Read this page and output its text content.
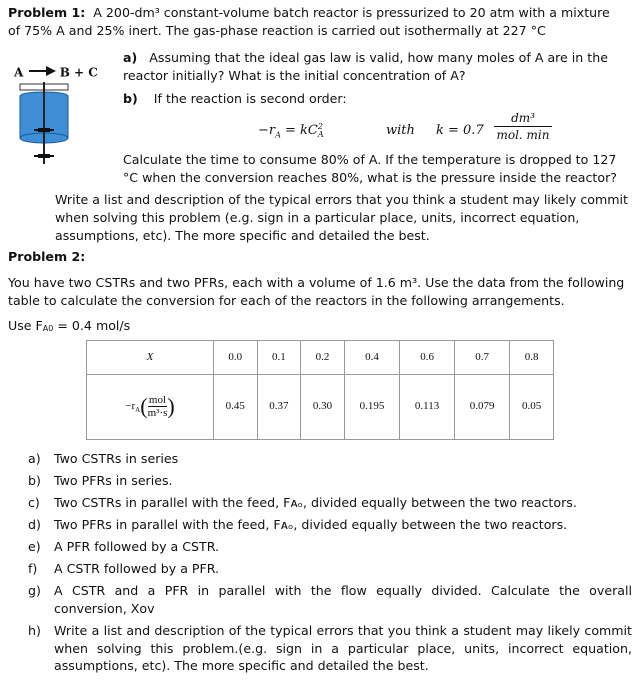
Problem 1: A 200-dm³ constant-volume batch reactor is pressurized to 20 atm with a mixture
of 75% A and 25% inert. The gas-phase reaction is carried out isothermally at 227 °C
A → B + C
a) Assuming that the ideal gas law is valid, how many moles of A are in the
reactor initially? What is the initial concentration of A?
b) If the reaction is second order:
$-r_A$ = kC 2
A	with k = 0.7
dm³
mol. min
Calculate the time to consume 80% of A. If the temperature is dropped to 127
°C when the conversion reaches 80%, what is the pressure inside the reactor?
Write a list and description of the typical errors that you think a student may likely commit
when solving this problem (e.g. sign in a particular place, units, incorrect equation,
assumptions, etc). The more specific and detailed the best.
Problem 2:
You have two CSTRs and two PFRs, each with a volume of 1.6 m³. Use the data from the following
table to calculate the conversion for each of the reactors in the following arrangements.
Use FA0 = 0.4 mol/s
X	0.0	0.1	0.2	0.4	0.6	0.7	0.8
$-r_A$( mol
m³·s )	0.45	0.37	0.30	0.195	0.113	0.079	0.05
a)	Two CSTRs in series
b)	Two PFRs in series.
c)	Two CSTRs in parallel with the feed, Fᴀₒ, divided equally between the two reactors.
d)	Two PFRs in parallel with the feed, Fᴀₒ, divided equally between the two reactors.
e)	A PFR followed by a CSTR.
f)	A CSTR followed by a PFR.
g)	A CSTR and a PFR in parallel with the flow equally divided. Calculate the overall conversion, Xᴏᴠ
h)	Write a list and description of the typical errors that you think a student may likely commit when solving this problem.(e.g. sign in a particular place, units, incorrect equation, assumptions, etc). The more specific and detailed the best.
